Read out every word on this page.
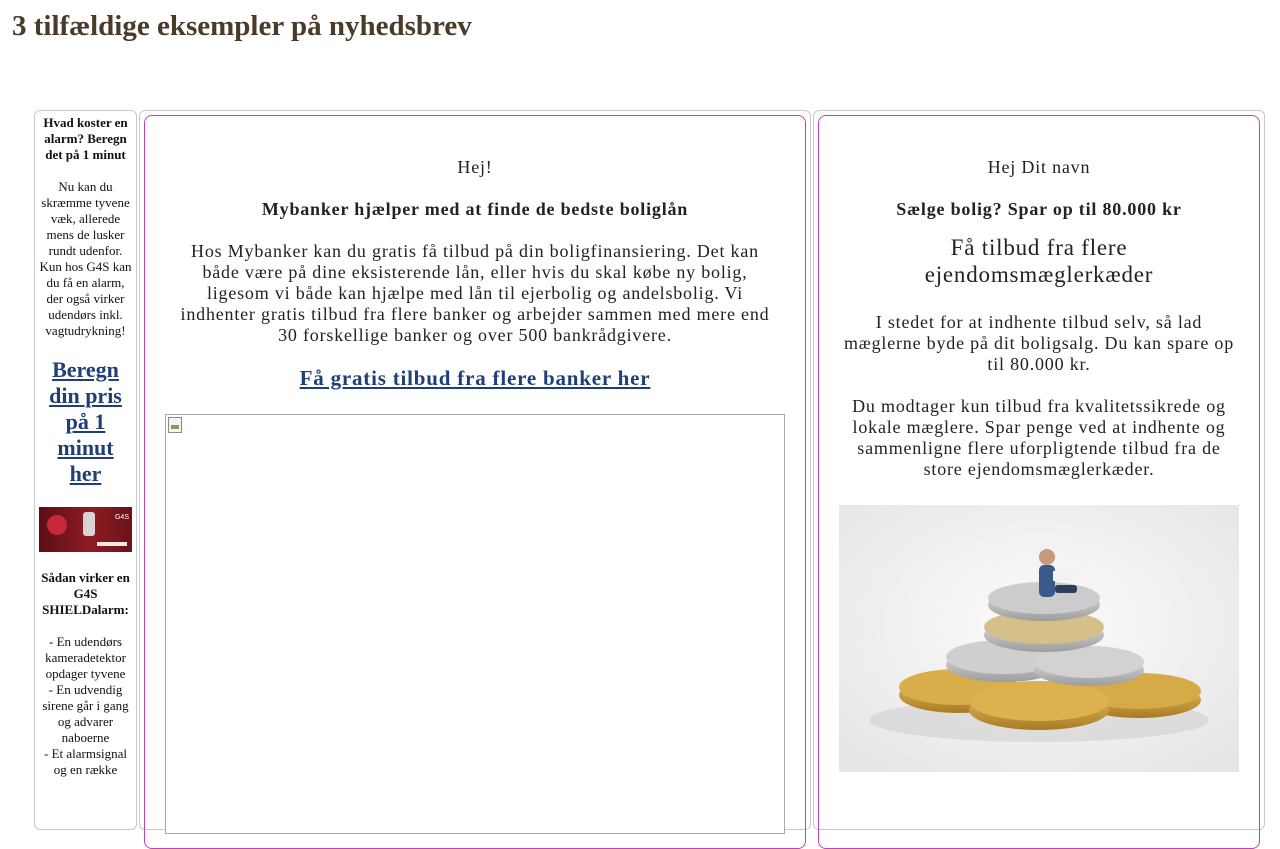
3 tilfældige eksempler på nyhedsbrev
Hvad koster en alarm? Beregn det på 1 minut
Nu kan du skræmme tyvene væk, allerede mens de lusker rundt udenfor.
Kun hos G4S kan du få en alarm, der også virker udendørs inkl. vagtudrykning!
Beregn din pris på 1 minut her
G4S
Sådan virker en G4S SHIELDalarm:
- En udendørs kameradetektor opdager tyvene
- En udvendig sirene går i gang og advarer naboerne
- Et alarmsignal og en række
Hej!
Mybanker hjælper med at finde de bedste boliglån
Hos Mybanker kan du gratis få tilbud på din boligfinansiering. Det kan både være på dine eksisterende lån, eller hvis du skal købe ny bolig, ligesom vi både kan hjælpe med lån til ejerbolig og andelsbolig. Vi indhenter gratis tilbud fra flere banker og arbejder sammen med mere end 30 forskellige banker og over 500 bankrådgivere.
Få gratis tilbud fra flere banker her
Hej Dit navn
Sælge bolig? Spar op til 80.000 kr
Få tilbud fra flere ejendomsmæglerkæder
I stedet for at indhente tilbud selv, så lad mæglerne byde på dit boligsalg. Du kan spare op til 80.000 kr.
Du modtager kun tilbud fra kvalitetssikrede og lokale mæglere. Spar penge ved at indhente og sammenligne flere uforpligtende tilbud fra de store ejendomsmæglerkæder.
